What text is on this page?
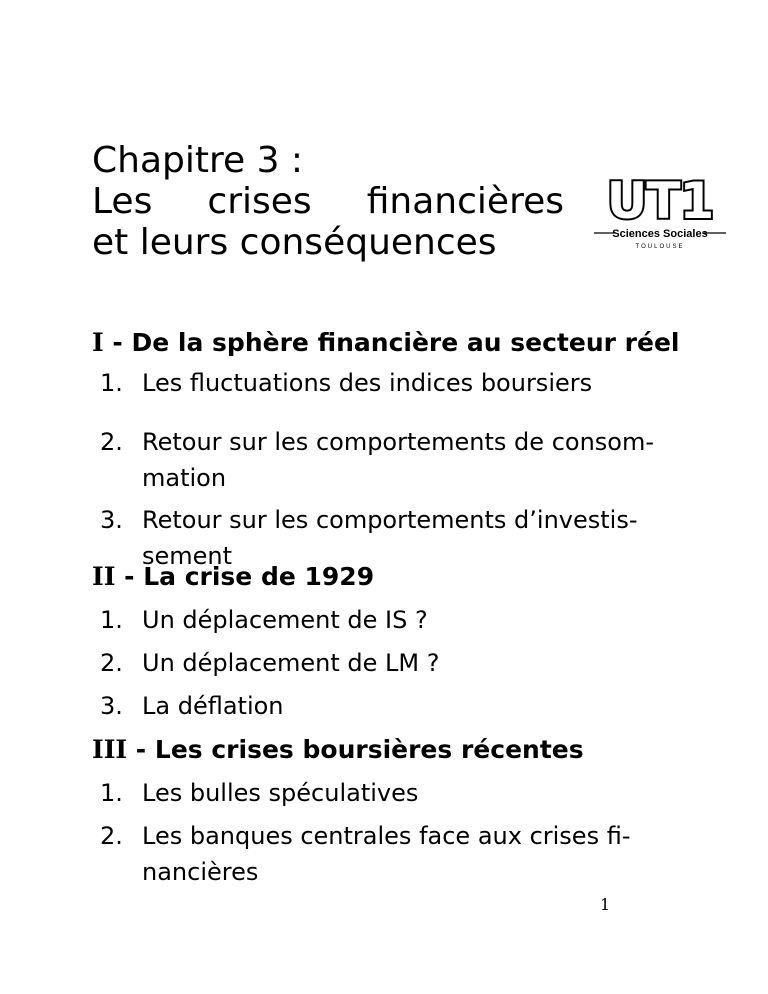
Chapitre 3 :
Les crises financières
et leurs conséquences
UT1
Sciences Sociales
TOULOUSE
I - De la sphère financière au secteur réel
1. Les fluctuations des indices boursiers
2. Retour sur les comportements de consom-
mation
3. Retour sur les comportements d’investis-
sement
II - La crise de 1929
1. Un déplacement de IS ?
2. Un déplacement de LM ?
3. La déflation
III - Les crises boursières récentes
1. Les bulles spéculatives
2. Les banques centrales face aux crises fi-
nancières
1
